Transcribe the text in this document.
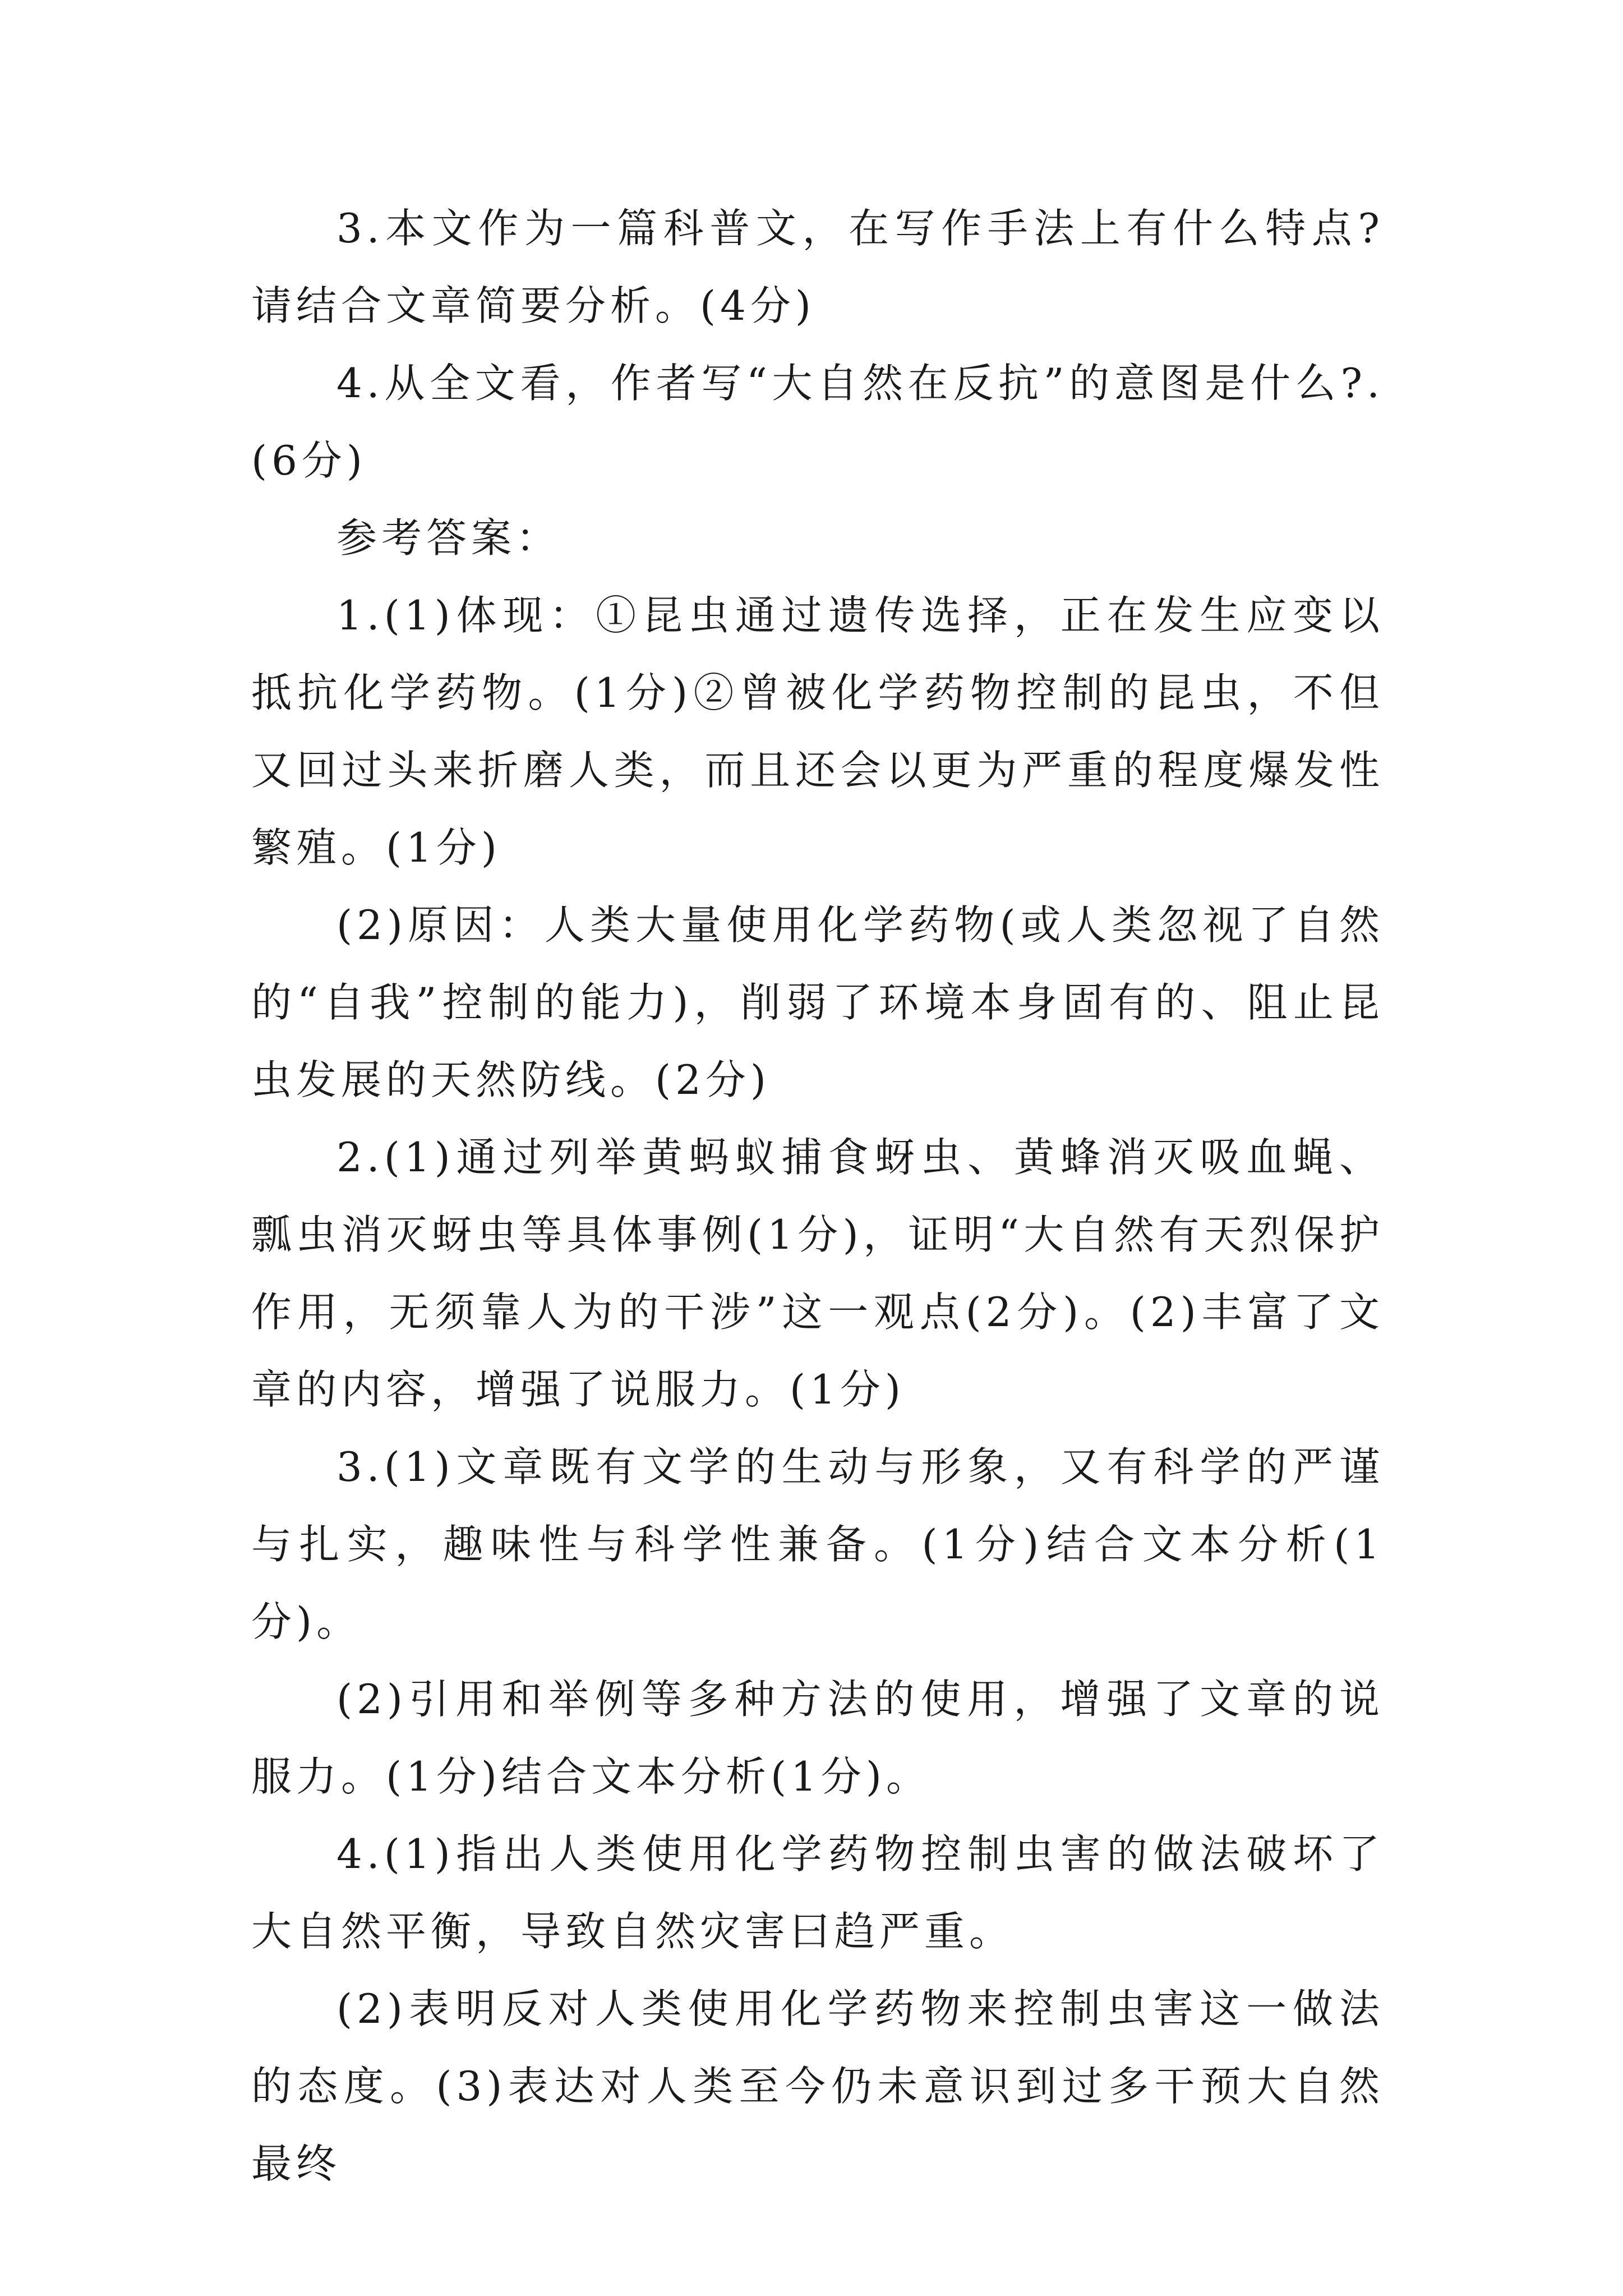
3.本文作为一篇科普文，在写作手法上有什么特点?请结合文章简要分析。(4分)

4.从全文看，作者写“大自然在反抗”的意图是什么?.(6分)

参考答案：

1.(1)体现：①昆虫通过遗传选择，正在发生应变以抵抗化学药物。(1分)②曾被化学药物控制的昆虫，不但又回过头来折磨人类，而且还会以更为严重的程度爆发性繁殖。(1分)

(2)原因：人类大量使用化学药物(或人类忽视了自然的“自我”控制的能力)，削弱了环境本身固有的、阻止昆虫发展的天然防线。(2分)

2.(1)通过列举黄蚂蚁捕食蚜虫、黄蜂消灭吸血蝇、瓢虫消灭蚜虫等具体事例(1分)，证明“大自然有天烈保护作用，无须靠人为的干涉”这一观点(2分)。(2)丰富了文章的内容，增强了说服力。(1分)

3.(1)文章既有文学的生动与形象，又有科学的严谨与扎实，趣味性与科学性兼备。(1分)结合文本分析(1分)。

(2)引用和举例等多种方法的使用，增强了文章的说服力。(1分)结合文本分析(1分)。

4.(1)指出人类使用化学药物控制虫害的做法破坏了大自然平衡，导致自然灾害曰趋严重。

(2)表明反对人类使用化学药物来控制虫害这一做法的态度。(3)表达对人类至今仍未意识到过多干预大自然最终
